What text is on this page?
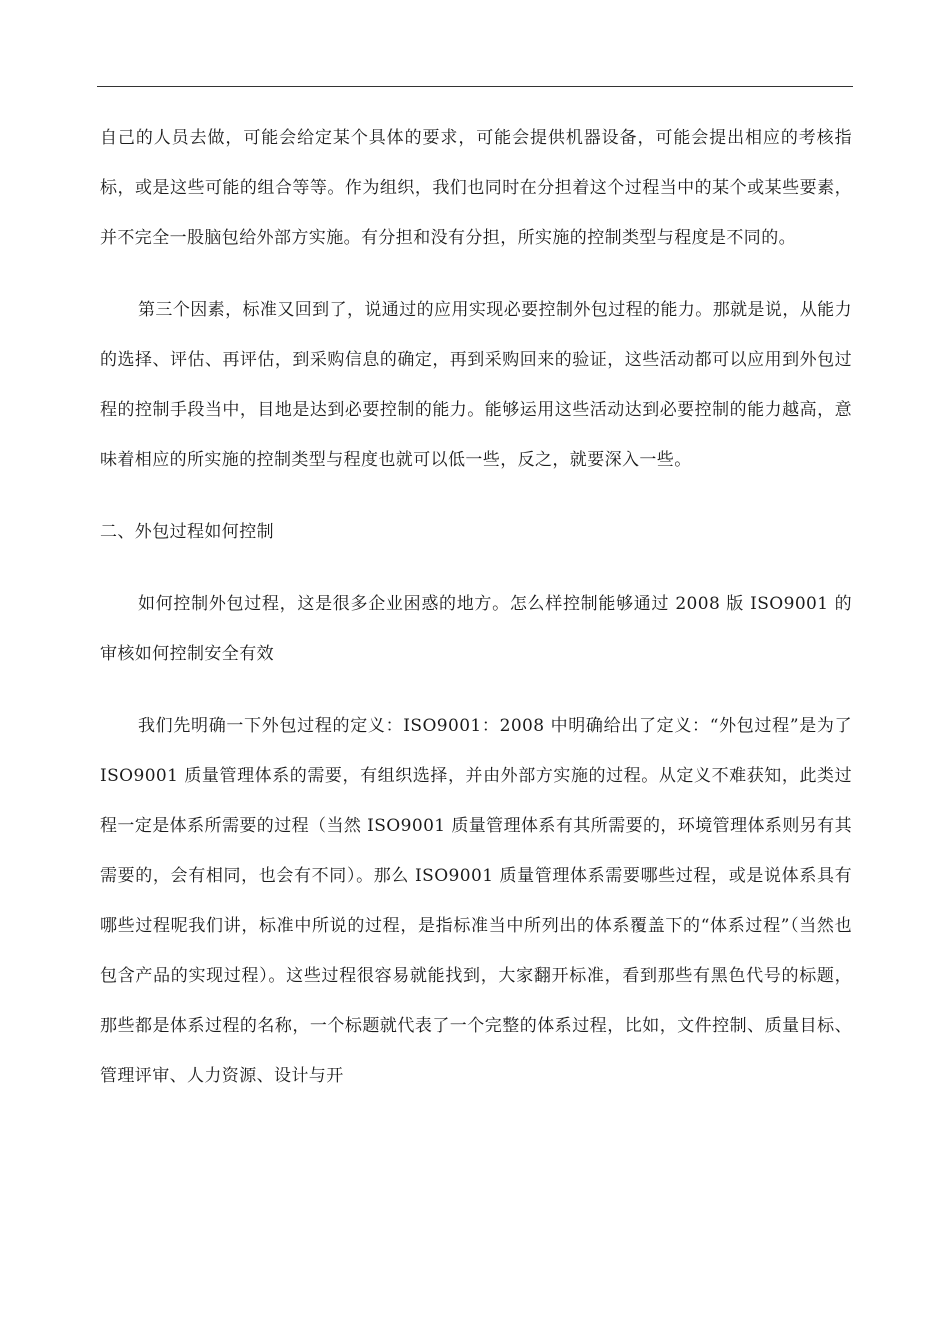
自己的人员去做，可能会给定某个具体的要求，可能会提供机器设备，可能会提出相应的考核指标，或是这些可能的组合等等。作为组织，我们也同时在分担着这个过程当中的某个或某些要素，并不完全一股脑包给外部方实施。有分担和没有分担，所实施的控制类型与程度是不同的。

第三个因素，标准又回到了，说通过的应用实现必要控制外包过程的能力。那就是说，从能力的选择、评估、再评估，到采购信息的确定，再到采购回来的验证，这些活动都可以应用到外包过程的控制手段当中，目地是达到必要控制的能力。能够运用这些活动达到必要控制的能力越高，意味着相应的所实施的控制类型与程度也就可以低一些，反之，就要深入一些。

二、外包过程如何控制

如何控制外包过程，这是很多企业困惑的地方。怎么样控制能够通过 2008 版 ISO9001 的审核如何控制安全有效

我们先明确一下外包过程的定义：ISO9001：2008 中明确给出了定义：“外包过程”是为了 ISO9001 质量管理体系的需要，有组织选择，并由外部方实施的过程。从定义不难获知，此类过程一定是体系所需要的过程（当然 ISO9001 质量管理体系有其所需要的，环境管理体系则另有其需要的，会有相同，也会有不同）。那么 ISO9001 质量管理体系需要哪些过程，或是说体系具有哪些过程呢我们讲，标准中所说的过程，是指标准当中所列出的体系覆盖下的“体系过程”（当然也包含产品的实现过程）。这些过程很容易就能找到，大家翻开标准，看到那些有黑色代号的标题，那些都是体系过程的名称，一个标题就代表了一个完整的体系过程，比如，文件控制、质量目标、管理评审、人力资源、设计与开
